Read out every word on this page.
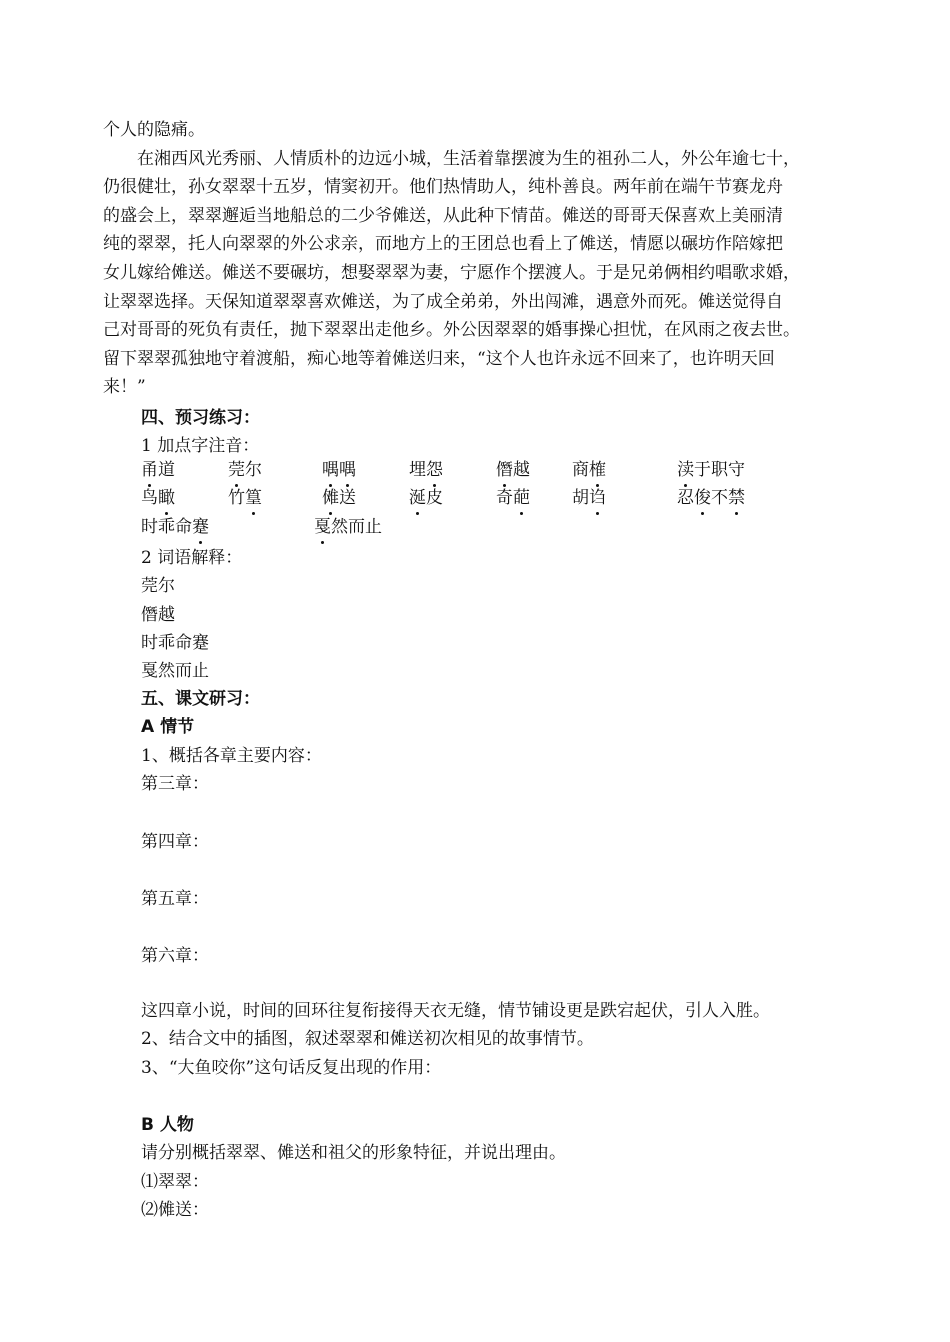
个人的隐痛。
　　在湘西风光秀丽、人情质朴的边远小城，生活着靠摆渡为生的祖孙二人，外公年逾七十，
仍很健壮，孙女翠翠十五岁，情窦初开。他们热情助人，纯朴善良。两年前在端午节赛龙舟
的盛会上，翠翠邂逅当地船总的二少爷傩送，从此种下情苗。傩送的哥哥天保喜欢上美丽清
纯的翠翠，托人向翠翠的外公求亲，而地方上的王团总也看上了傩送，情愿以碾坊作陪嫁把
女儿嫁给傩送。傩送不要碾坊，想娶翠翠为妻，宁愿作个摆渡人。于是兄弟俩相约唱歌求婚，
让翠翠选择。天保知道翠翠喜欢傩送，为了成全弟弟，外出闯滩，遇意外而死。傩送觉得自
己对哥哥的死负有责任，抛下翠翠出走他乡。外公因翠翠的婚事操心担忧，在风雨之夜去世。
留下翠翠孤独地守着渡船，痴心地等着傩送归来，“这个人也许永远不回来了，也许明天回
来！”
四、预习练习：
1 加点字注音：
甬道	莞尔	喁喁	埋怨	僭越 商榷	渎于职守
鸟瞰	竹篁	傩送	涎皮	奇葩 胡诌	忍俊不禁
时乖命蹇	戛然而止
2 词语解释：
莞尔
僭越
时乖命蹇
戛然而止
五、课文研习：
A 情节
1、概括各章主要内容：
第三章：
第四章：
第五章：
第六章：
这四章小说，时间的回环往复衔接得天衣无缝，情节铺设更是跌宕起伏，引人入胜。
2、结合文中的插图，叙述翠翠和傩送初次相见的故事情节。
3、“大鱼咬你”这句话反复出现的作用：
B 人物
请分别概括翠翠、傩送和祖父的形象特征，并说出理由。
⑴翠翠：
⑵傩送：
